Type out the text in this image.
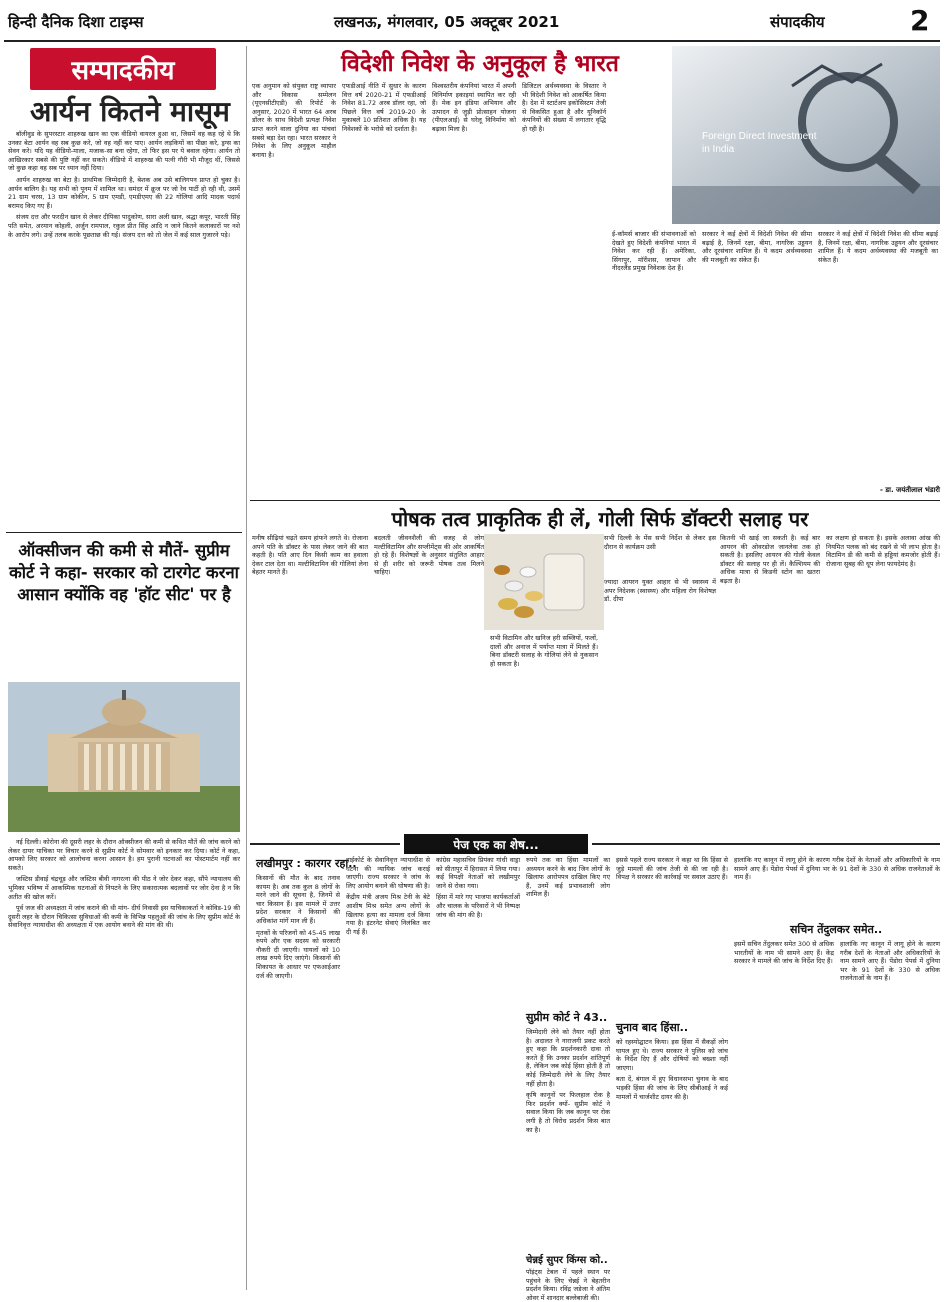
हिन्दी दैनिक दिशा टाइम्स	लखनऊ, मंगलवार, 05 अक्टूबर 2021	संपादकीय	2
सम्पादकीय
आर्यन कितने मासूम

बॉलीवुड के सुपरस्टार शाहरुख खान का एक वीडियो वायरल हुआ था, जिसमें वह कह रहे थे कि उनका बेटा आर्यन वह सब कुछ करे, जो वह नहीं कर पाए। आर्यन लड़कियों का पीछा करे, ड्रग्स का सेवन करे। यदि यह वीडियो-माला, मजाक-सा बना रहेगा, तो फिर इस पर ये बवाल रहेगा। आर्यन तो आखिरकार सबसे की पुष्टि नहीं कर सकते। वीडियो में शाहरुख की पत्नी गौरी भी मौजूद थीं, जिससे जो कुछ कहा वह सब पर ध्यान नहीं दिया।

आर्यन शाहरुख का बेटा है। प्राथमिक जिम्मेदारी है, बेशक अब उसे बालिगपन प्राप्त हो चुका है। आर्यन बालिग है। यह सभी को पूनम में शामिल था। समंदर में क्रूज पर जो रेव पार्टी हो रही थी, उसमें 21 ग्राम चरस, 13 ग्राम कोकीन, 5 ग्राम एमडी, एमडीएमए की 22 गोलियां आदि मादक पदार्थ बरामद किए गए हैं।

संजय दत्त और फरदीन खान से लेकर दीपिका पादुकोण, सारा अली खान, श्रद्धा कपूर, भारती सिंह पति समेत, अरमान कोहली, अर्जुन रामपाल, रकुल प्रीत सिंह आदि न जाने कितने कलाकारों पर नशे के आरोप लगे। उन्हें तलब करके पूछताछ की गई। संजय दत्त को तो जेल में कई साल गुजारने पड़े।

ऑक्सीजन की कमी से मौतें- सुप्रीम कोर्ट ने कहा- सरकार को टारगेट करना आसान क्योंकि वह 'हॉट सीट' पर है

नई दिल्ली। कोरोना की दूसरी लहर के दौरान ऑक्सीजन की कमी से कथित मौतें की जांच करने को लेकर दायर याचिका पर विचार करने से सुप्रीम कोर्ट ने सोमवार को इनकार कर दिया। कोर्ट ने कहा, आपको लिए सरकार को आलोचना करना आसान है। हम पुरानी घटनाओं का पोस्टमार्टम नहीं कर सकते।

जस्टिस डीवाई चंद्रचूड़ और जस्टिस बीवी नागरत्ना की पीठ ने जोर देकर कहा, सौंपे न्यायालय की भूमिका भविष्य में आकस्मिक घटनाओं से निपटने के लिए सकारात्मक बदलावों पर जोर देना है न कि अतीत की खोज करें।

पूर्व जज की अध्यक्षता में जांच कराने की थी मांग- दीर्घ निवासी इस याचिकाकर्ता ने कोविड-19 की दूसरी लहर के दौरान चिकित्सा सुविधाओं की कमी के विभिन्न पहलुओं की जांच के लिए सुप्रीम कोर्ट के सेवानिवृत्त न्यायाधीश की अध्यक्षता में एक आयोग बनाने की मांग की थी।

विदेशी निवेश के अनुकूल है भारत
Foreign Direct Investment in India
एक अनुमान को संयुक्त राष्ट्र व्यापार और विकास सम्मेलन (यूएनसीटीएडी) की रिपोर्ट के अनुसार, 2020 में भारत 64 अरब डॉलर के साथ विदेशी प्रत्यक्ष निवेश प्राप्त करने वाला दुनिया का पांचवां सबसे बड़ा देश रहा। भारत सरकार ने निवेश के लिए अनुकूल माहौल बनाया है।
एफडीआई नीति में सुधार के कारण वित्त वर्ष 2020-21 में एफडीआई निवेश 81.72 अरब डॉलर रहा, जो पिछले वित्त वर्ष 2019-20 के मुकाबले 10 प्रतिशत अधिक है। यह निवेशकों के भरोसे को दर्शाता है।
विश्वस्तरीय कंपनियां भारत में अपनी विनिर्माण इकाइयां स्थापित कर रही हैं। मेक इन इंडिया अभियान और उत्पादन से जुड़ी प्रोत्साहन योजना (पीएलआई) से घरेलू विनिर्माण को बढ़ावा मिला है।
डिजिटल अर्थव्यवस्था के विस्तार ने भी विदेशी निवेश को आकर्षित किया है। देश में स्टार्टअप इकोसिस्टम तेजी से विकसित हुआ है और यूनिकॉर्न कंपनियों की संख्या में लगातार वृद्धि हो रही है।
ई-कॉमर्स बाजार की संभावनाओं को देखते हुए विदेशी कंपनियां भारत में निवेश कर रही हैं। अमेरिका, सिंगापुर, मॉरीशस, जापान और नीदरलैंड प्रमुख निवेशक देश हैं।
सरकार ने कई क्षेत्रों में विदेशी निवेश की सीमा बढ़ाई है, जिनमें रक्षा, बीमा, नागरिक उड्डयन और दूरसंचार शामिल हैं। ये कदम अर्थव्यवस्था की मजबूती का संकेत हैं।
सरकार ने कई क्षेत्रों में विदेशी निवेश की सीमा बढ़ाई है, जिनमें रक्षा, बीमा, नागरिक उड्डयन और दूरसंचार शामिल हैं। ये कदम अर्थव्यवस्था की मजबूती का संकेत हैं।
- डा. जयंतीलाल भंडारी
पोषक तत्व प्राकृतिक ही लें, गोली सिर्फ डॉक्टरी सलाह पर
मनीष सीढ़ियां चढ़ते समय हांफने लगते थे। रोजाना अपने पति के डॉक्टर के पास लेकर जाने की बात कहती है। पति आए दिन किसी काम का हवाला देकर टाल देता था। मल्टीविटामिन की गोलियां लेना बेहतर मानते हैं।
बदलती जीवनशैली की वजह से लोग मल्टीविटामिन और सप्लीमेंट्स की ओर आकर्षित हो रहे हैं। विशेषज्ञों के अनुसार संतुलित आहार से ही शरीर को जरूरी पोषक तत्व मिलने चाहिए।
सभी विटामिन और खनिज हरी सब्जियों, फलों, दालों और अनाज में पर्याप्त मात्रा में मिलते हैं। बिना डॉक्टरी सलाह के गोलियां लेने से नुकसान हो सकता है।
कितनी भी खाई जा सकती है। कई बार आयरन की ओवरडोज जानलेवा तक हो सकती है। इसलिए आयरन की गोली केवल डॉक्टर की सलाह पर ही लें। कैल्शियम की अधिक मात्रा से किडनी स्टोन का खतरा बढ़ता है।
का लक्षण हो सकता है। इसके अलावा आंख की नियमित पलक को बंद रखने से भी लाभ होता है। विटामिन डी की कमी से हड्डियां कमजोर होती हैं। रोजाना सुबह की धूप लेना फायदेमंद है।
सभी दिल्ली के मेंस सभी निर्देश से लेकर इस दौरान से कार्यक्रम उसी
ज्यादा आयरन युक्त आहार से भी स्वास्थ्य में अपर निदेशक (स्वास्थ्य) और महिला रोग विशेषज्ञ डॉ. दीपा
पेज एक का शेष...
लखीमपुर : कारगर रहा..

किसानों की मौत के बाद तनाव कायम है। अब तक कुल 8 लोगों के मरने जाने की सूचना है, जिनमें से चार किसान हैं। इस मामले में उत्तर प्रदेश सरकार ने किसानों की अधिकांश मांगें मान ली हैं।

मृतकों के परिजनों को 45-45 लाख रुपये और एक सदस्य को सरकारी नौकरी दी जाएगी। घायलों को 10 लाख रुपये दिए जाएंगे। किसानों की शिकायत के आधार पर एफआईआर दर्ज की जाएगी।

हाईकोर्ट के सेवानिवृत्त न्यायाधीश से घटना की न्यायिक जांच कराई जाएगी। राज्य सरकार ने जांच के लिए आयोग बनाने की घोषणा की है।

केंद्रीय मंत्री अजय मिश्र टेनी के बेटे आशीष मिश्र समेत अन्य लोगों के खिलाफ हत्या का मामला दर्ज किया गया है। इंटरनेट सेवाएं निलंबित कर दी गई हैं।

कांग्रेस महासचिव प्रियंका गांधी वाड्रा को सीतापुर में हिरासत में लिया गया। कई विपक्षी नेताओं को लखीमपुर जाने से रोका गया।

हिंसा में मारे गए भाजपा कार्यकर्ताओं और चालक के परिवारों ने भी निष्पक्ष जांच की मांग की है।

सुप्रीम कोर्ट ने 43..

जिम्मेदारी लेने को तैयार नहीं होता है। अदालत ने नाराजगी प्रकट करते हुए कहा कि प्रदर्शनकारी दावा तो करते हैं कि उनका प्रदर्शन शांतिपूर्ण है, लेकिन जब कोई हिंसा होती है तो कोई जिम्मेदारी लेने के लिए तैयार नहीं होता है।

कृषि कानूनों पर फिलहाल रोक है फिर प्रदर्शन क्यों- सुप्रीम कोर्ट ने सवाल किया कि जब कानून पर रोक लगी है तो विरोध प्रदर्शन किस बात का है।

रुपये तक का हिंसा मामलों का अध्ययन करने के बाद जिन लोगों के खिलाफ आरोपपत्र दाखिल किए गए हैं, उनमें कई प्रभावशाली लोग शामिल हैं।
चेन्नई सुपर किंग्स को..
पॉइंट्स टेबल में पहले स्थान पर पहुंचने के लिए चेन्नई ने बेहतरीन प्रदर्शन किया। रविंद्र जडेजा ने अंतिम ओवर में शानदार बल्लेबाजी की।
इससे पहले राज्य सरकार ने कहा था कि हिंसा से जुड़े मामलों की जांच तेजी से की जा रही है। विपक्ष ने सरकार की कार्रवाई पर सवाल उठाए हैं।
चुनाव बाद हिंसा..

को रहस्योद्घाटन किया। इस हिंसा में सैकड़ों लोग घायल हुए थे। राज्य सरकार ने पुलिस को जांच के निर्देश दिए हैं और दोषियों को बख्शा नहीं जाएगा।

बता दें, बंगाल में हुए विधानसभा चुनाव के बाद भड़की हिंसा की जांच के लिए सीबीआई ने कई मामलों में चार्जशीट दायर की है।

हालांकि नए कानून में लागू होने के कारण गरीब देशों के नेताओं और अधिकारियों के नाम सामने आए हैं। पेंडोरा पेपर्स में दुनिया भर के 91 देशों के 330 से अधिक राजनेताओं के नाम हैं।
सचिन तेंदुलकर समेत..
इसमें सचिन तेंदुलकर समेत 300 से अधिक भारतीयों के नाम भी सामने आए हैं। केंद्र सरकार ने मामले की जांच के निर्देश दिए हैं।
हालांकि नए कानून में लागू होने के कारण गरीब देशों के नेताओं और अधिकारियों के नाम सामने आए हैं। पेंडोरा पेपर्स में दुनिया भर के 91 देशों के 330 से अधिक राजनेताओं के नाम हैं।
